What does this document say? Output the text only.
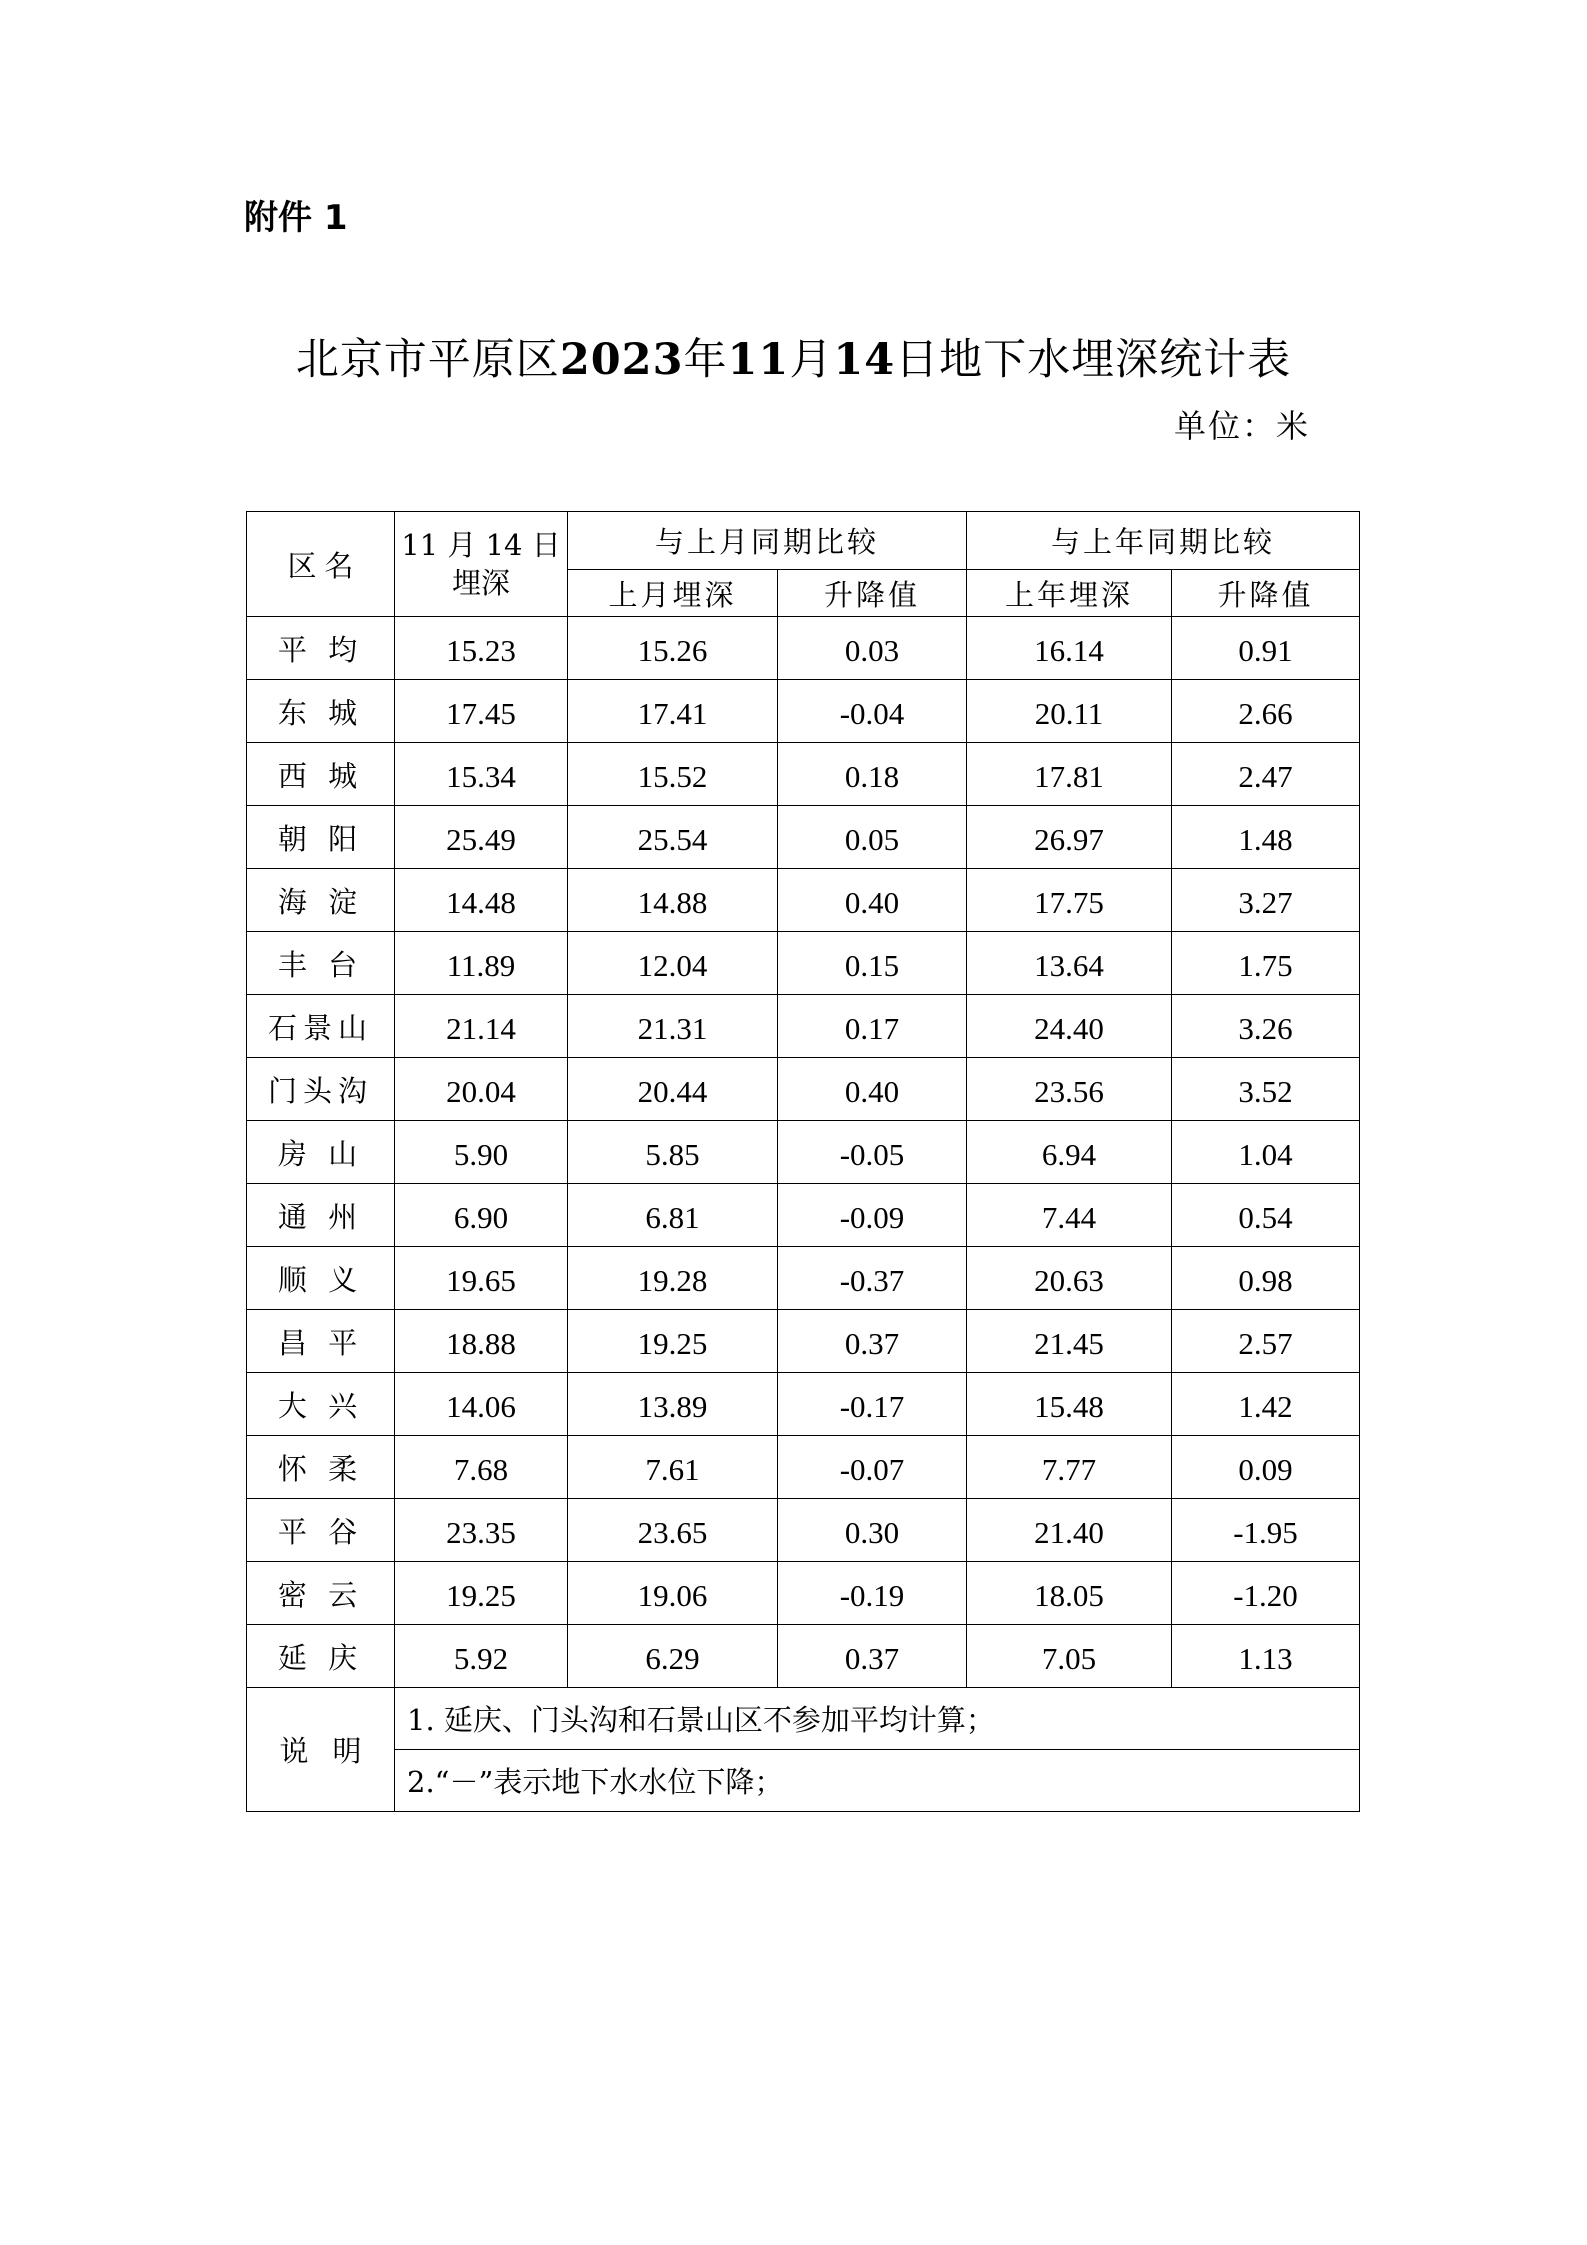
附件 1
北京市平原区2023年11月14日地下水埋深统计表
单位：米
区名	11 月 14 日埋深	与上月同期比较		与上年同期比较	
		上月埋深	升降值	上年埋深	升降值
平 均	15.23	15.26	0.03	16.14	0.91
东 城	17.45	17.41	-0.04	20.11	2.66
西 城	15.34	15.52	0.18	17.81	2.47
朝 阳	25.49	25.54	0.05	26.97	1.48
海 淀	14.48	14.88	0.40	17.75	3.27
丰 台	11.89	12.04	0.15	13.64	1.75
石景山	21.14	21.31	0.17	24.40	3.26
门头沟	20.04	20.44	0.40	23.56	3.52
房 山	5.90	5.85	-0.05	6.94	1.04
通 州	6.90	6.81	-0.09	7.44	0.54
顺 义	19.65	19.28	-0.37	20.63	0.98
昌 平	18.88	19.25	0.37	21.45	2.57
大 兴	14.06	13.89	-0.17	15.48	1.42
怀 柔	7.68	7.61	-0.07	7.77	0.09
平 谷	23.35	23.65	0.30	21.40	-1.95
密 云	19.25	19.06	-0.19	18.05	-1.20
延 庆	5.92	6.29	0.37	7.05	1.13
说明	1. 延庆、门头沟和石景山区不参加平均计算；				
	2.“－”表示地下水水位下降；				
